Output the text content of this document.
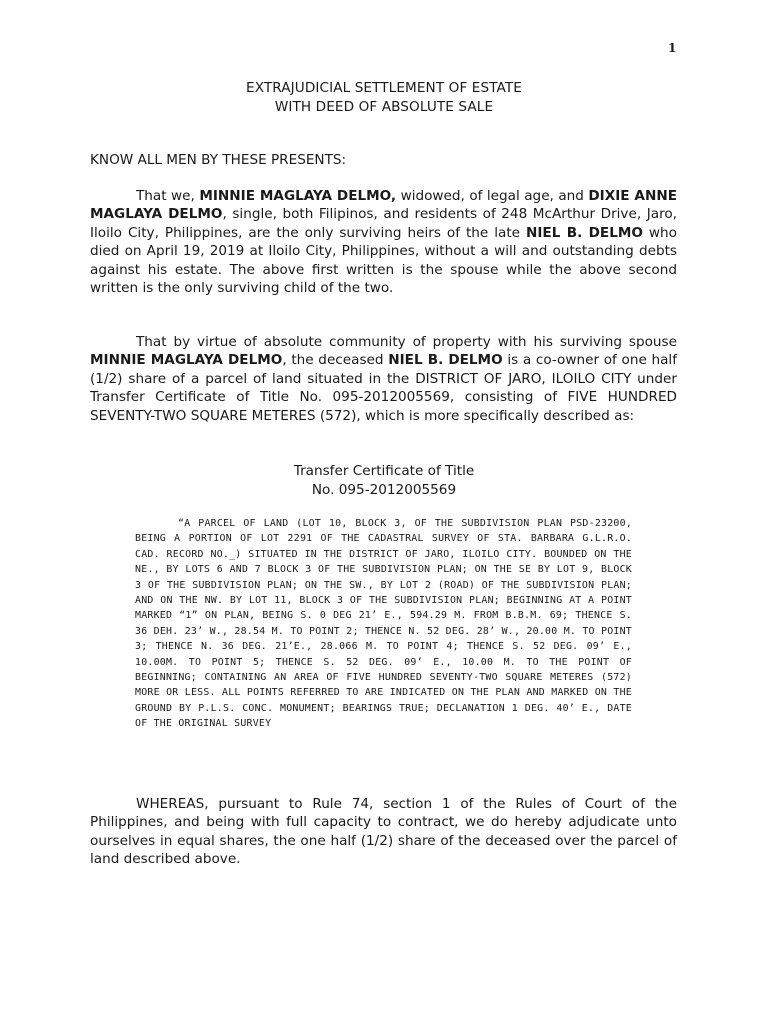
1
EXTRAJUDICIAL SETTLEMENT OF ESTATE
WITH DEED OF ABSOLUTE SALE
KNOW ALL MEN BY THESE PRESENTS:

That we, MINNIE MAGLAYA DELMO, widowed, of legal age, and DIXIE ANNE MAGLAYA DELMO, single, both Filipinos, and residents of 248 McArthur Drive, Jaro, Iloilo City, Philippines, are the only surviving heirs of the late NIEL B. DELMO who died on April 19, 2019 at Iloilo City, Philippines, without a will and outstanding debts against his estate. The above first written is the spouse while the above second written is the only surviving child of the two.

That by virtue of absolute community of property with his surviving spouse MINNIE MAGLAYA DELMO, the deceased NIEL B. DELMO is a co-owner of one half (1/2) share of a parcel of land situated in the DISTRICT OF JARO, ILOILO CITY under Transfer Certificate of Title No. 095-2012005569, consisting of FIVE HUNDRED SEVENTY-TWO SQUARE METERES (572), which is more specifically described as:

Transfer Certificate of Title
No. 095-2012005569

“A PARCEL OF LAND (LOT 10, BLOCK 3, OF THE SUBDIVISION PLAN PSD-23200, BEING A PORTION OF LOT 2291 OF THE CADASTRAL SURVEY OF STA. BARBARA G.L.R.O. CAD. RECORD NO._) SITUATED IN THE DISTRICT OF JARO, ILOILO CITY. BOUNDED ON THE NE., BY LOTS 6 AND 7 BLOCK 3 OF THE SUBDIVISION PLAN; ON THE SE BY LOT 9, BLOCK 3 OF THE SUBDIVISION PLAN; ON THE SW., BY LOT 2 (ROAD) OF THE SUBDIVISION PLAN; AND ON THE NW. BY LOT 11, BLOCK 3 OF THE SUBDIVISION PLAN; BEGINNING AT A POINT MARKED “1” ON PLAN, BEING S. 0 DEG 21’ E., 594.29 M. FROM B.B.M. 69; THENCE S. 36 DEH. 23’ W., 28.54 M. TO POINT 2; THENCE N. 52 DEG. 28’ W., 20.00 M. TO POINT 3; THENCE N. 36 DEG. 21’E., 28.066 M. TO POINT 4; THENCE S. 52 DEG. 09’ E., 10.00M. TO POINT 5; THENCE S. 52 DEG. 09’ E., 10.00 M. TO THE POINT OF BEGINNING; CONTAINING AN AREA OF FIVE HUNDRED SEVENTY-TWO SQUARE METERES (572) MORE OR LESS. ALL POINTS REFERRED TO ARE INDICATED ON THE PLAN AND MARKED ON THE GROUND BY P.L.S. CONC. MONUMENT; BEARINGS TRUE; DECLANATION 1 DEG. 40’ E., DATE OF THE ORIGINAL SURVEY

WHEREAS, pursuant to Rule 74, section 1 of the Rules of Court of the Philippines, and being with full capacity to contract, we do hereby adjudicate unto ourselves in equal shares, the one half (1/2) share of the deceased over the parcel of land described above.
